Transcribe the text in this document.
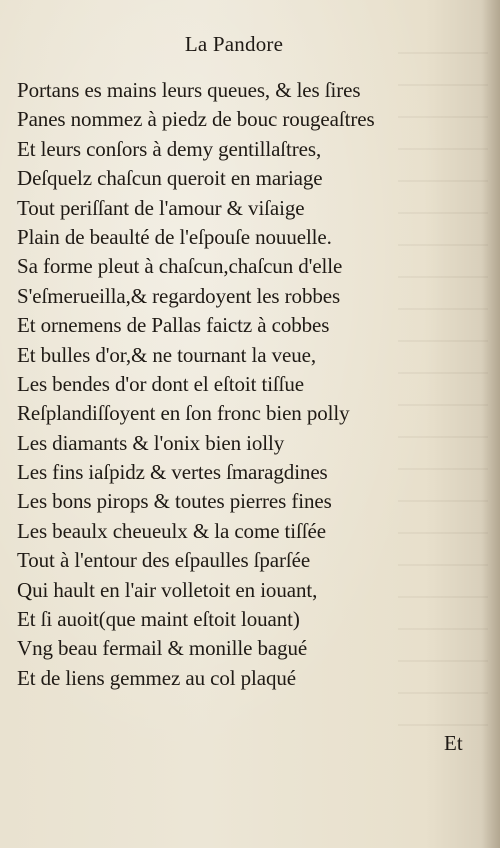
La Pandore
Portans es mains leurs queues, & les ſires
Panes nommez à piedz de bouc rougeaſtres
Et leurs conſors à demy gentillaſtres,
Deſquelz chaſcun queroit en mariage
Tout periſſant de l'amour & viſaige
Plain de beaulté de l'eſpouſe nouuelle.
Sa forme pleut à chaſcun,chaſcun d'elle
S'eſmerueilla,& regardoyent les robbes
Et ornemens de Pallas faictz à cobbes
Et bulles d'or,& ne tournant la veue,
Les bendes d'or dont el eſtoit tiſſue
Reſplandiſſoyent en ſon fronc bien polly
Les diamants & l'onix bien iolly
Les fins iaſpidz & vertes ſmaragdines
Les bons pirops & toutes pierres fines
Les beaulx cheueulx & la come tiſſée
Tout à l'entour des eſpaulles ſparſée
Qui hault en l'air volletoit en iouant,
Et ſi auoit(que maint eſtoit louant)
Vng beau fermail & monille bagué
Et de liens gemmez au col plaqué
Et
